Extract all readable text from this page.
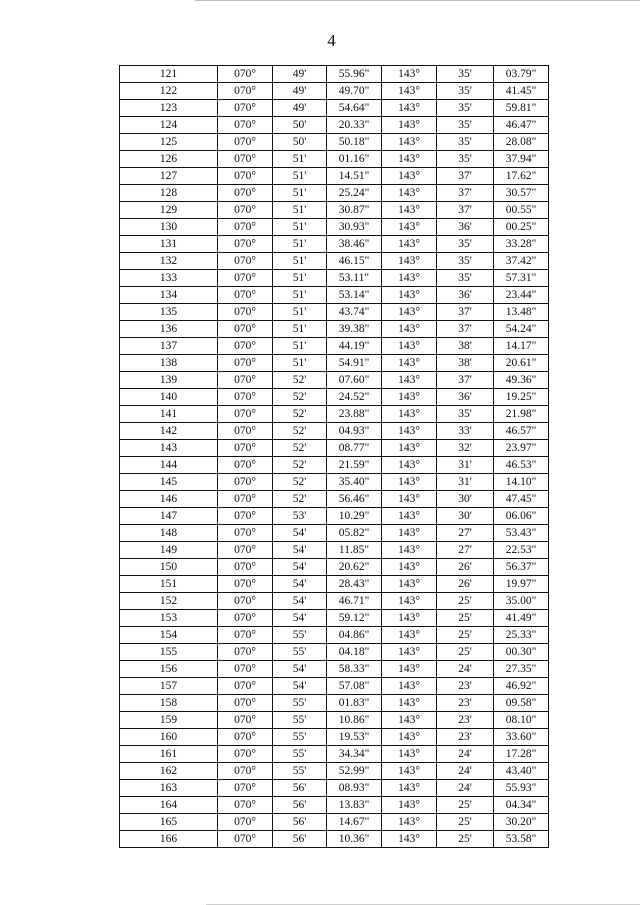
4
121	070°	49'	55.96"	143°	35'	03.79"
122	070°	49'	49.70"	143°	35'	41.45"
123	070°	49'	54.64"	143°	35'	59.81"
124	070°	50'	20.33"	143°	35'	46.47"
125	070°	50'	50.18"	143°	35'	28.08"
126	070°	51'	01.16"	143°	35'	37.94"
127	070°	51'	14.51"	143°	37'	17.62"
128	070°	51'	25.24"	143°	37'	30.57"
129	070°	51'	30.87"	143°	37'	00.55"
130	070°	51'	30.93"	143°	36'	00.25"
131	070°	51'	38.46"	143°	35'	33.28"
132	070°	51'	46.15"	143°	35'	37.42"
133	070°	51'	53.11"	143°	35'	57.31"
134	070°	51'	53.14"	143°	36'	23.44"
135	070°	51'	43.74"	143°	37'	13.48"
136	070°	51'	39.38"	143°	37'	54.24"
137	070°	51'	44.19"	143°	38'	14.17"
138	070°	51'	54.91"	143°	38'	20.61"
139	070°	52'	07.60"	143°	37'	49.36"
140	070°	52'	24.52"	143°	36'	19.25"
141	070°	52'	23.88"	143°	35'	21.98"
142	070°	52'	04.93"	143°	33'	46.57"
143	070°	52'	08.77"	143°	32'	23.97"
144	070°	52'	21.59"	143°	31'	46.53"
145	070°	52'	35.40"	143°	31'	14.10"
146	070°	52'	56.46"	143°	30'	47.45"
147	070°	53'	10.29"	143°	30'	06.06"
148	070°	54'	05.82"	143°	27'	53.43"
149	070°	54'	11.85"	143°	27'	22.53"
150	070°	54'	20.62"	143°	26'	56.37"
151	070°	54'	28.43"	143°	26'	19.97"
152	070°	54'	46.71"	143°	25'	35.00"
153	070°	54'	59.12"	143°	25'	41.49"
154	070°	55'	04.86"	143°	25'	25.33"
155	070°	55'	04.18"	143°	25'	00.30"
156	070°	54'	58.33"	143°	24'	27.35"
157	070°	54'	57.08"	143°	23'	46.92"
158	070°	55'	01.83"	143°	23'	09.58"
159	070°	55'	10.86"	143°	23'	08.10"
160	070°	55'	19.53"	143°	23'	33.60"
161	070°	55'	34.34"	143°	24'	17.28"
162	070°	55'	52.99"	143°	24'	43.40"
163	070°	56'	08.93"	143°	24'	55.93"
164	070°	56'	13.83"	143°	25'	04.34"
165	070°	56'	14.67"	143°	25'	30.20"
166	070°	56'	10.36"	143°	25'	53.58"
